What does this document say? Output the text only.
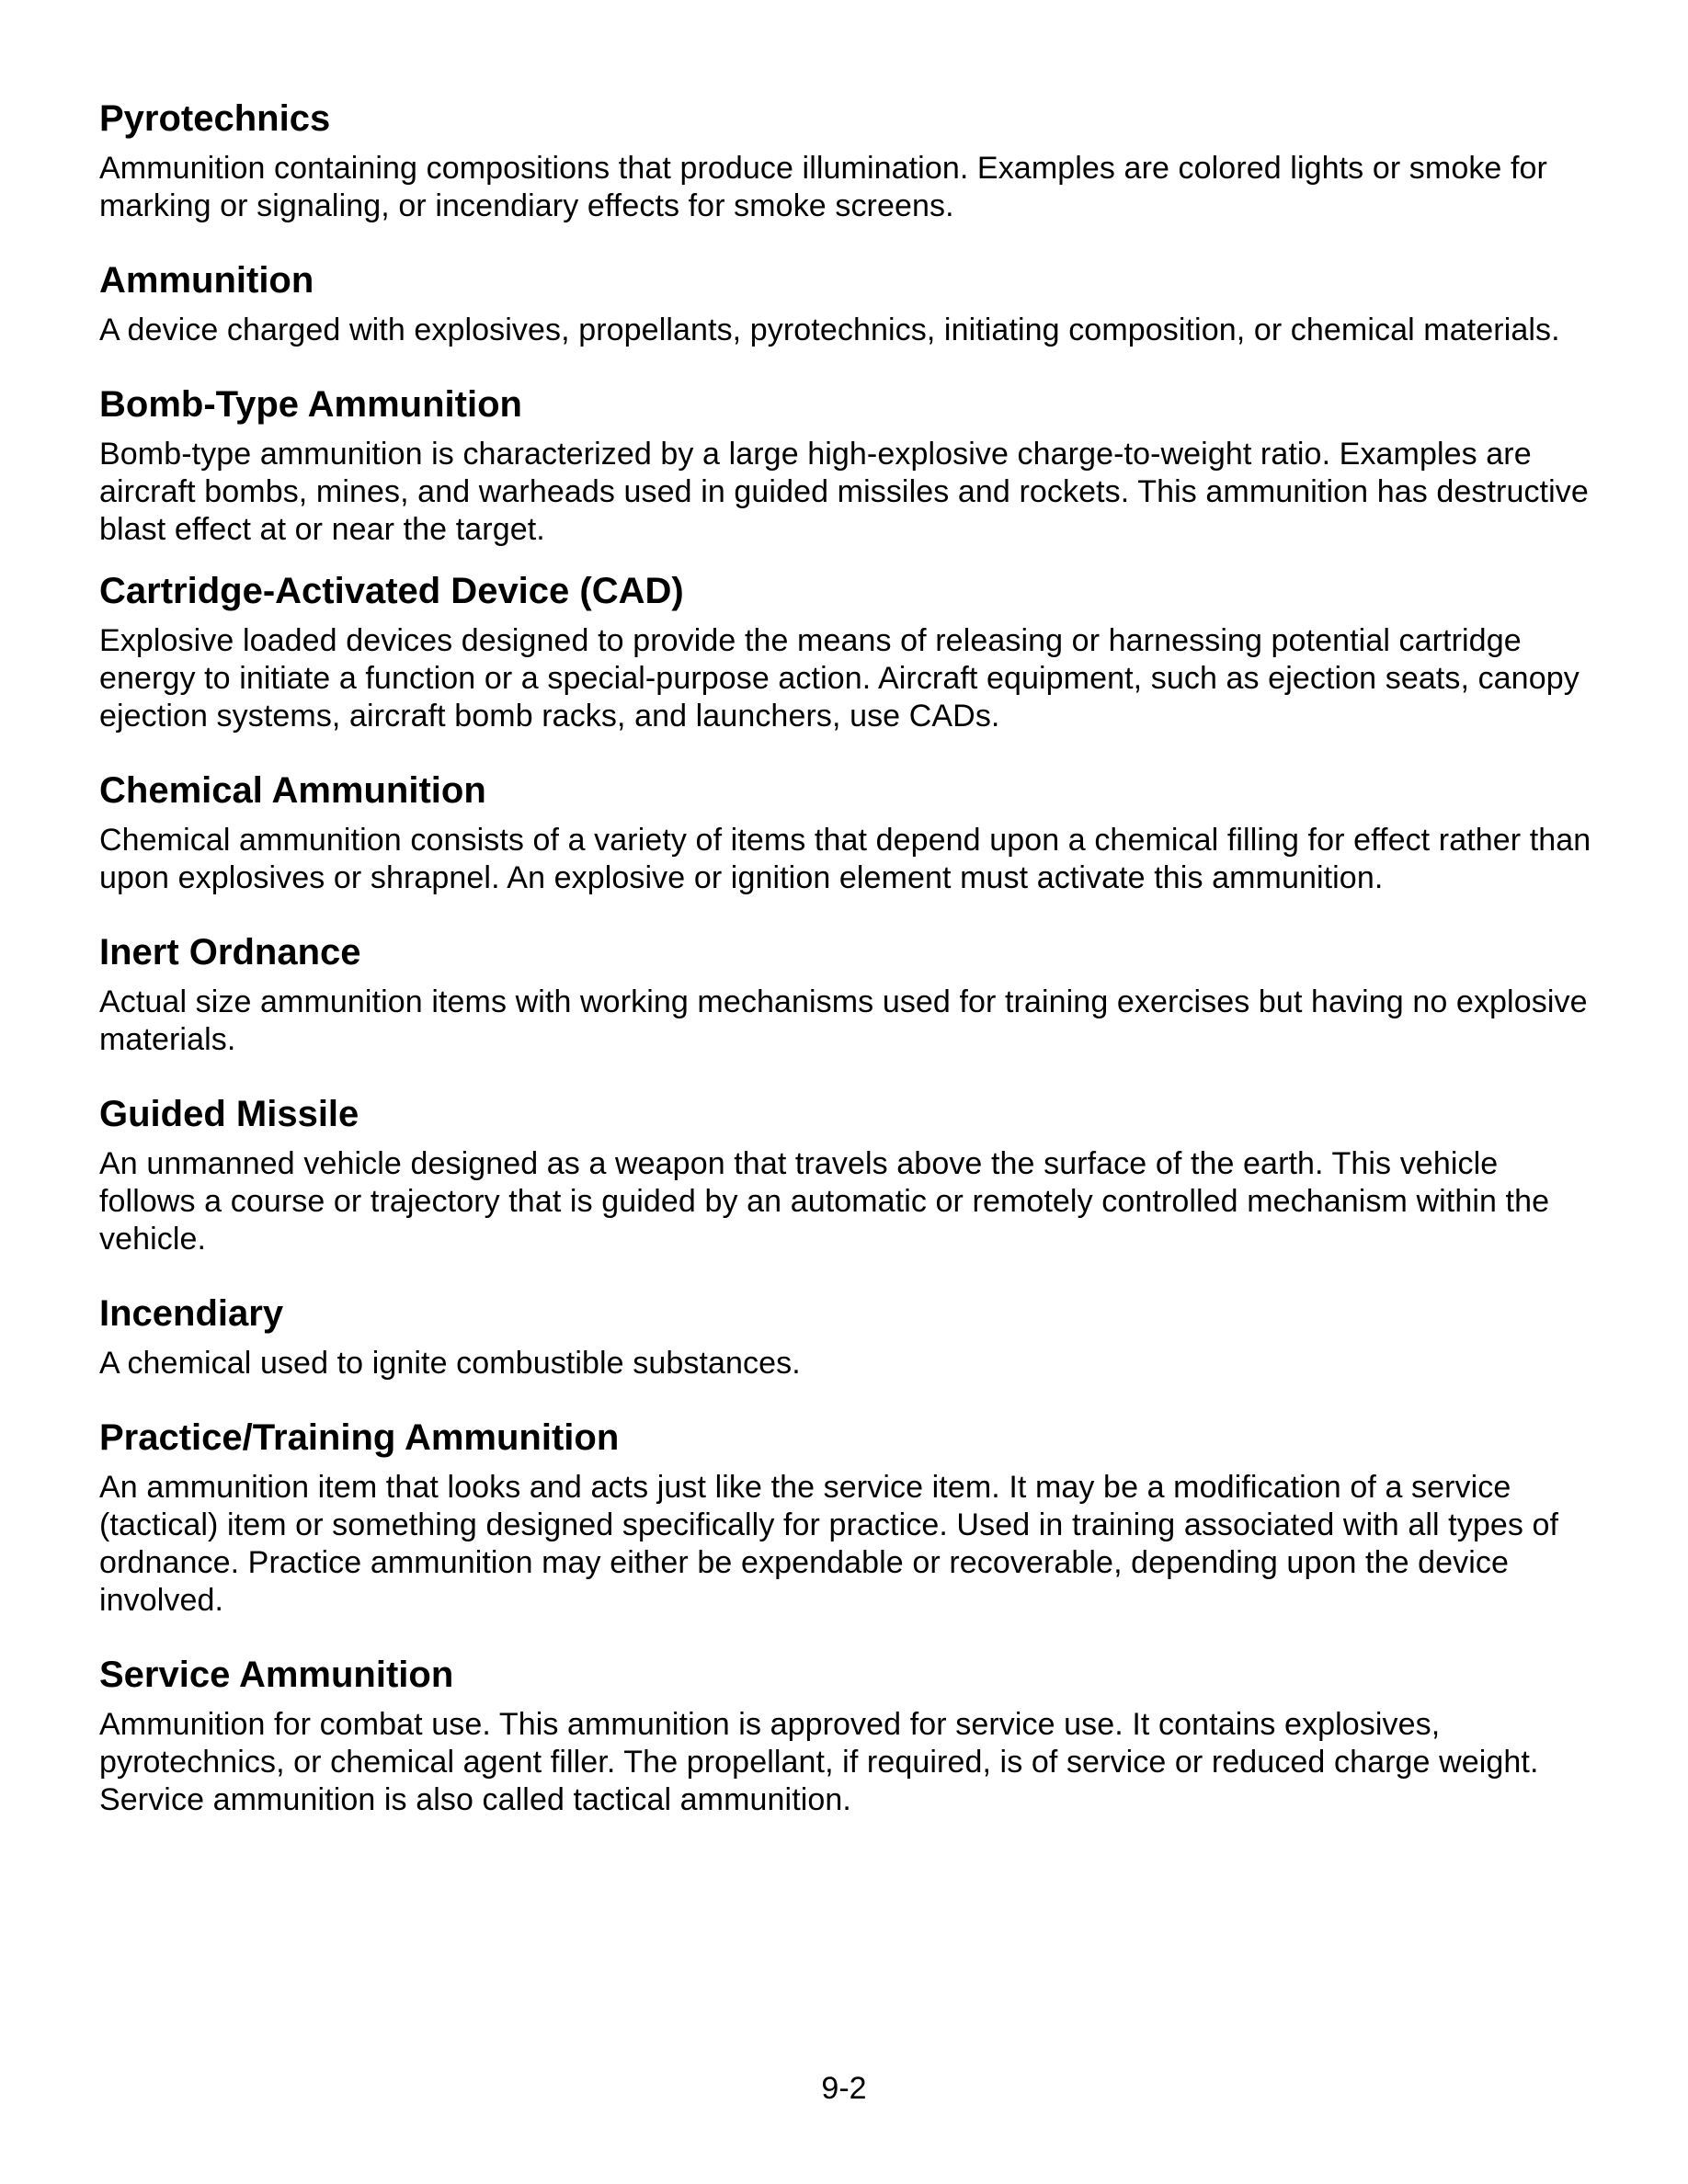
Pyrotechnics

Ammunition containing compositions that produce illumination. Examples are colored lights or smoke for marking or signaling, or incendiary effects for smoke screens.

Ammunition

A device charged with explosives, propellants, pyrotechnics, initiating composition, or chemical materials.

Bomb-Type Ammunition

Bomb-type ammunition is characterized by a large high-explosive charge-to-weight ratio. Examples are aircraft bombs, mines, and warheads used in guided missiles and rockets. This ammunition has destructive blast effect at or near the target.

Cartridge-Activated Device (CAD)

Explosive loaded devices designed to provide the means of releasing or harnessing potential cartridge energy to initiate a function or a special-purpose action. Aircraft equipment, such as ejection seats, canopy ejection systems, aircraft bomb racks, and launchers, use CADs.

Chemical Ammunition

Chemical ammunition consists of a variety of items that depend upon a chemical filling for effect rather than upon explosives or shrapnel. An explosive or ignition element must activate this ammunition.

Inert Ordnance

Actual size ammunition items with working mechanisms used for training exercises but having no explosive materials.

Guided Missile

An unmanned vehicle designed as a weapon that travels above the surface of the earth. This vehicle follows a course or trajectory that is guided by an automatic or remotely controlled mechanism within the vehicle.

Incendiary

A chemical used to ignite combustible substances.

Practice/Training Ammunition

An ammunition item that looks and acts just like the service item. It may be a modification of a service (tactical) item or something designed specifically for practice. Used in training associated with all types of ordnance. Practice ammunition may either be expendable or recoverable, depending upon the device involved.

Service Ammunition

Ammunition for combat use. This ammunition is approved for service use. It contains explosives, pyrotechnics, or chemical agent filler. The propellant, if required, is of service or reduced charge weight. Service ammunition is also called tactical ammunition.

9-2
